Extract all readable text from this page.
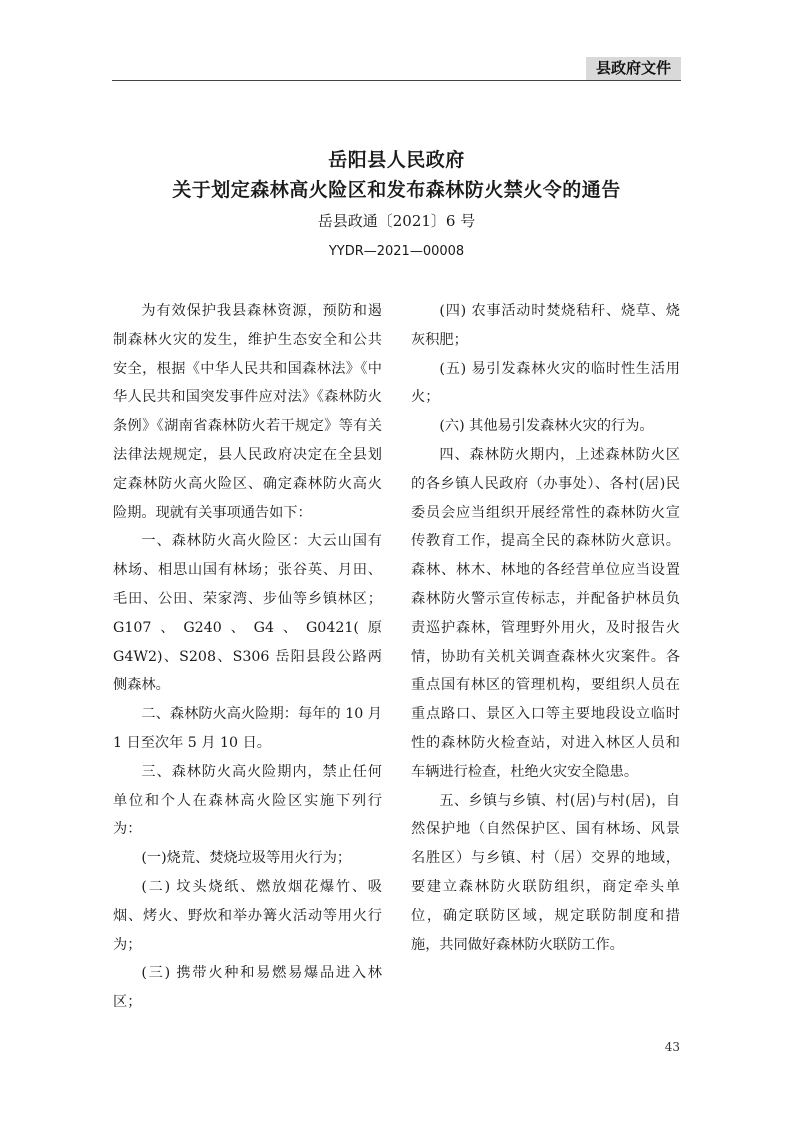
县政府文件
岳阳县人民政府
关于划定森林高火险区和发布森林防火禁火令的通告
岳县政通〔2021〕6 号
YYDR—2021—00008

为有效保护我县森林资源，预防和遏制森林火灾的发生，维护生态安全和公共安全，根据《中华人民共和国森林法》《中华人民共和国突发事件应对法》《森林防火条例》《湖南省森林防火若干规定》等有关法律法规规定，县人民政府决定在全县划定森林防火高火险区、确定森林防火高火险期。现就有关事项通告如下：

一、森林防火高火险区：大云山国有林场、相思山国有林场；张谷英、月田、毛田、公田、荣家湾、步仙等乡镇林区；G107、G240、G4、G0421(原 G4W2)、S208、S306 岳阳县段公路两侧森林。

二、森林防火高火险期：每年的 10 月 1 日至次年 5 月 10 日。

三、森林防火高火险期内，禁止任何单位和个人在森林高火险区实施下列行为：

(一)烧荒、焚烧垃圾等用火行为；

(二) 坟头烧纸、燃放烟花爆竹、吸烟、烤火、野炊和举办篝火活动等用火行为；

(三) 携带火种和易燃易爆品进入林区；

(四) 农事活动时焚烧秸秆、烧草、烧灰积肥；

(五) 易引发森林火灾的临时性生活用火；

(六) 其他易引发森林火灾的行为。

四、森林防火期内，上述森林防火区的各乡镇人民政府（办事处）、各村(居)民委员会应当组织开展经常性的森林防火宣传教育工作，提高全民的森林防火意识。森林、林木、林地的各经营单位应当设置森林防火警示宣传标志，并配备护林员负责巡护森林，管理野外用火，及时报告火情，协助有关机关调查森林火灾案件。各重点国有林区的管理机构，要组织人员在重点路口、景区入口等主要地段设立临时性的森林防火检查站，对进入林区人员和车辆进行检查，杜绝火灾安全隐患。

五、乡镇与乡镇、村(居)与村(居)，自然保护地（自然保护区、国有林场、风景名胜区）与乡镇、村（居）交界的地域，要建立森林防火联防组织，商定牵头单位，确定联防区域，规定联防制度和措施，共同做好森林防火联防工作。

43
